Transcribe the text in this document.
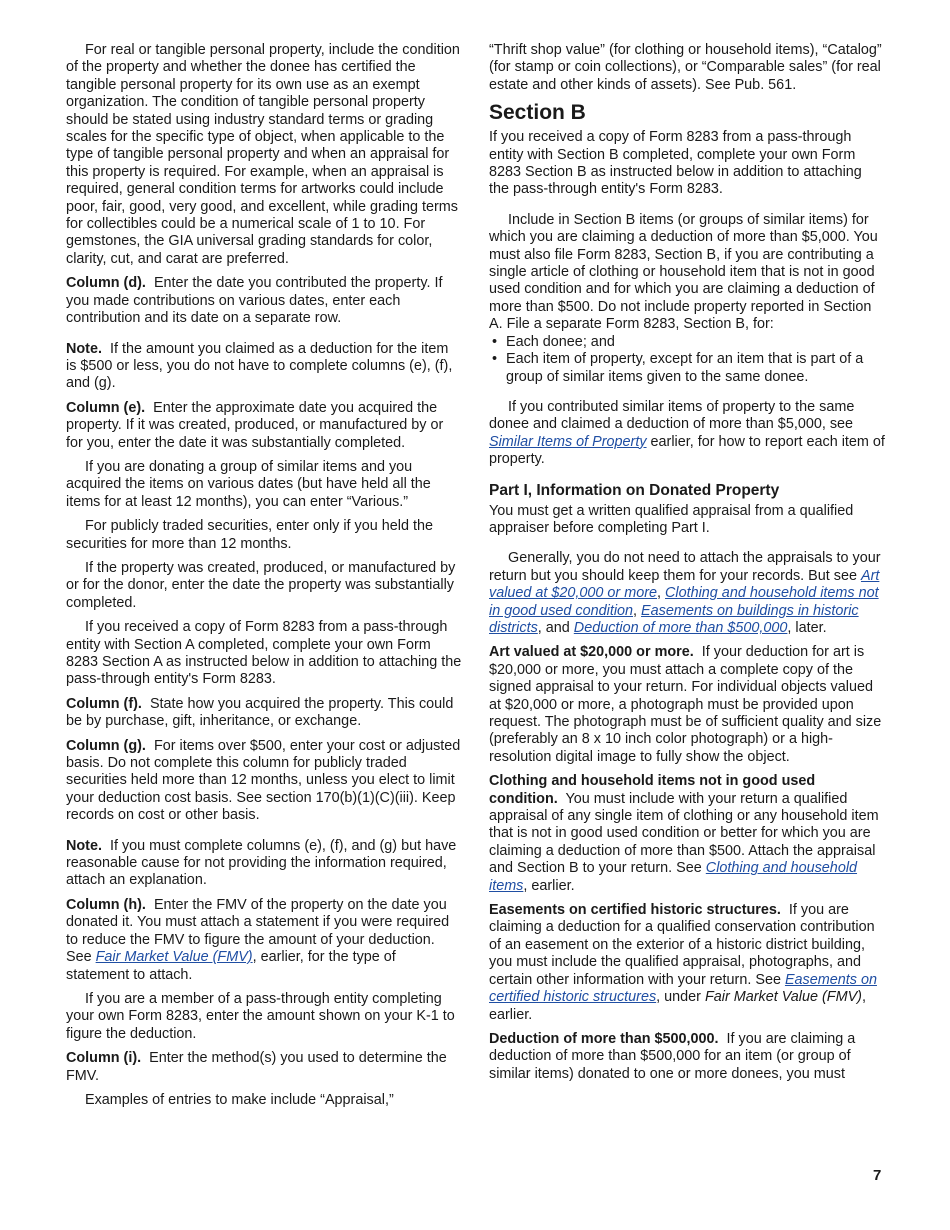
For real or tangible personal property, include the condition of the property and whether the donee has certified the tangible personal property for its own use as an exempt organization. The condition of tangible personal property should be stated using industry standard terms or grading scales for the specific type of object, when applicable to the type of tangible personal property and when an appraisal for this property is required. For example, when an appraisal is required, general condition terms for artworks could include poor, fair, good, very good, and excellent, while grading terms for collectibles could be a numerical scale of 1 to 10. For gemstones, the GIA universal grading standards for color, clarity, cut, and carat are preferred.

Column (d). Enter the date you contributed the property. If you made contributions on various dates, enter each contribution and its date on a separate row.

Note. If the amount you claimed as a deduction for the item is $500 or less, you do not have to complete columns (e), (f), and (g).

Column (e). Enter the approximate date you acquired the property. If it was created, produced, or manufactured by or for you, enter the date it was substantially completed.

If you are donating a group of similar items and you acquired the items on various dates (but have held all the items for at least 12 months), you can enter “Various.”

For publicly traded securities, enter only if you held the securities for more than 12 months.

If the property was created, produced, or manufactured by or for the donor, enter the date the property was substantially completed.

If you received a copy of Form 8283 from a pass-through entity with Section A completed, complete your own Form 8283 Section A as instructed below in addition to attaching the pass-through entity's Form 8283.

Column (f). State how you acquired the property. This could be by purchase, gift, inheritance, or exchange.

Column (g). For items over $500, enter your cost or adjusted basis. Do not complete this column for publicly traded securities held more than 12 months, unless you elect to limit your deduction cost basis. See section 170(b)(1)(C)(iii). Keep records on cost or other basis.

Note. If you must complete columns (e), (f), and (g) but have reasonable cause for not providing the information required, attach an explanation.

Column (h). Enter the FMV of the property on the date you donated it. You must attach a statement if you were required to reduce the FMV to figure the amount of your deduction. See Fair Market Value (FMV), earlier, for the type of statement to attach.

If you are a member of a pass-through entity completing your own Form 8283, enter the amount shown on your K-1 to figure the deduction.

Column (i). Enter the method(s) you used to determine the FMV.

Examples of entries to make include “Appraisal,”

“Thrift shop value” (for clothing or household items), “Catalog” (for stamp or coin collections), or “Comparable sales” (for real estate and other kinds of assets). See Pub. 561.

Section B

If you received a copy of Form 8283 from a pass-through entity with Section B completed, complete your own Form 8283 Section B as instructed below in addition to attaching the pass-through entity's Form 8283.

Include in Section B items (or groups of similar items) for which you are claiming a deduction of more than $5,000. You must also file Form 8283, Section B, if you are contributing a single article of clothing or household item that is not in good used condition and for which you are claiming a deduction of more than $500. Do not include property reported in Section A. File a separate Form 8283, Section B, for:

• Each donee; and
• Each item of property, except for an item that is part of a group of similar items given to the same donee.

If you contributed similar items of property to the same donee and claimed a deduction of more than $5,000, see Similar Items of Property earlier, for how to report each item of property.

Part I, Information on Donated Property

You must get a written qualified appraisal from a qualified appraiser before completing Part I.

Generally, you do not need to attach the appraisals to your return but you should keep them for your records. But see Art valued at $20,000 or more, Clothing and household items not in good used condition, Easements on buildings in historic districts, and Deduction of more than $500,000, later.

Art valued at $20,000 or more. If your deduction for art is $20,000 or more, you must attach a complete copy of the signed appraisal to your return. For individual objects valued at $20,000 or more, a photograph must be provided upon request. The photograph must be of sufficient quality and size (preferably an 8 x 10 inch color photograph) or a high-resolution digital image to fully show the object.

Clothing and household items not in good used condition. You must include with your return a qualified appraisal of any single item of clothing or any household item that is not in good used condition or better for which you are claiming a deduction of more than $500. Attach the appraisal and Section B to your return. See Clothing and household items, earlier.

Easements on certified historic structures. If you are claiming a deduction for a qualified conservation contribution of an easement on the exterior of a historic district building, you must include the qualified appraisal, photographs, and certain other information with your return. See Easements on certified historic structures, under Fair Market Value (FMV), earlier.

Deduction of more than $500,000. If you are claiming a deduction of more than $500,000 for an item (or group of similar items) donated to one or more donees, you must

7
